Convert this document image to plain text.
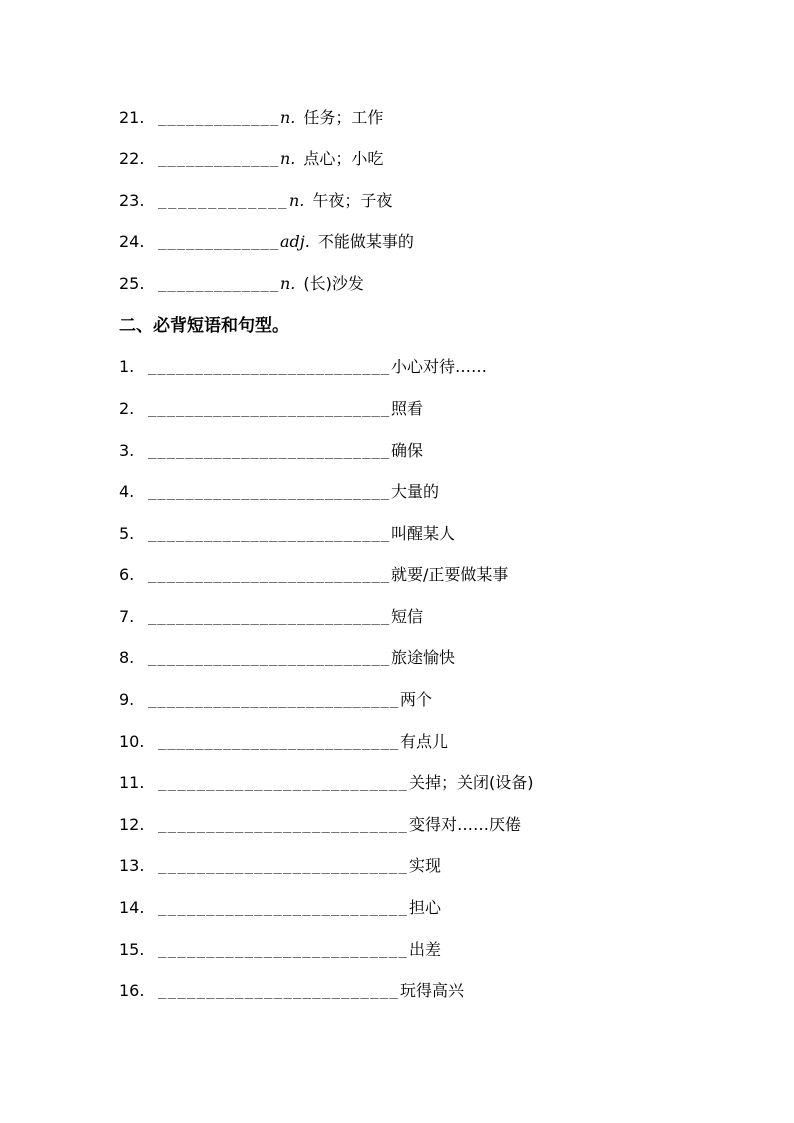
21. _____________ n. 任务；工作
22. _____________ n. 点心；小吃
23. _____________ n. 午夜；子夜
24. _____________ adj. 不能做某事的
25. _____________ n. (长)沙发
二、必背短语和句型。
1. __________________________ 小心对待……
2. __________________________ 照看
3. __________________________ 确保
4. __________________________ 大量的
5. __________________________ 叫醒某人
6. __________________________ 就要/正要做某事
7. __________________________ 短信
8. __________________________ 旅途愉快
9. ___________________________ 两个
10. __________________________ 有点儿
11. __________________________ 关掉；关闭(设备)
12. __________________________ 变得对……厌倦
13. __________________________ 实现
14. __________________________ 担心
15. __________________________ 出差
16. _________________________ 玩得高兴
